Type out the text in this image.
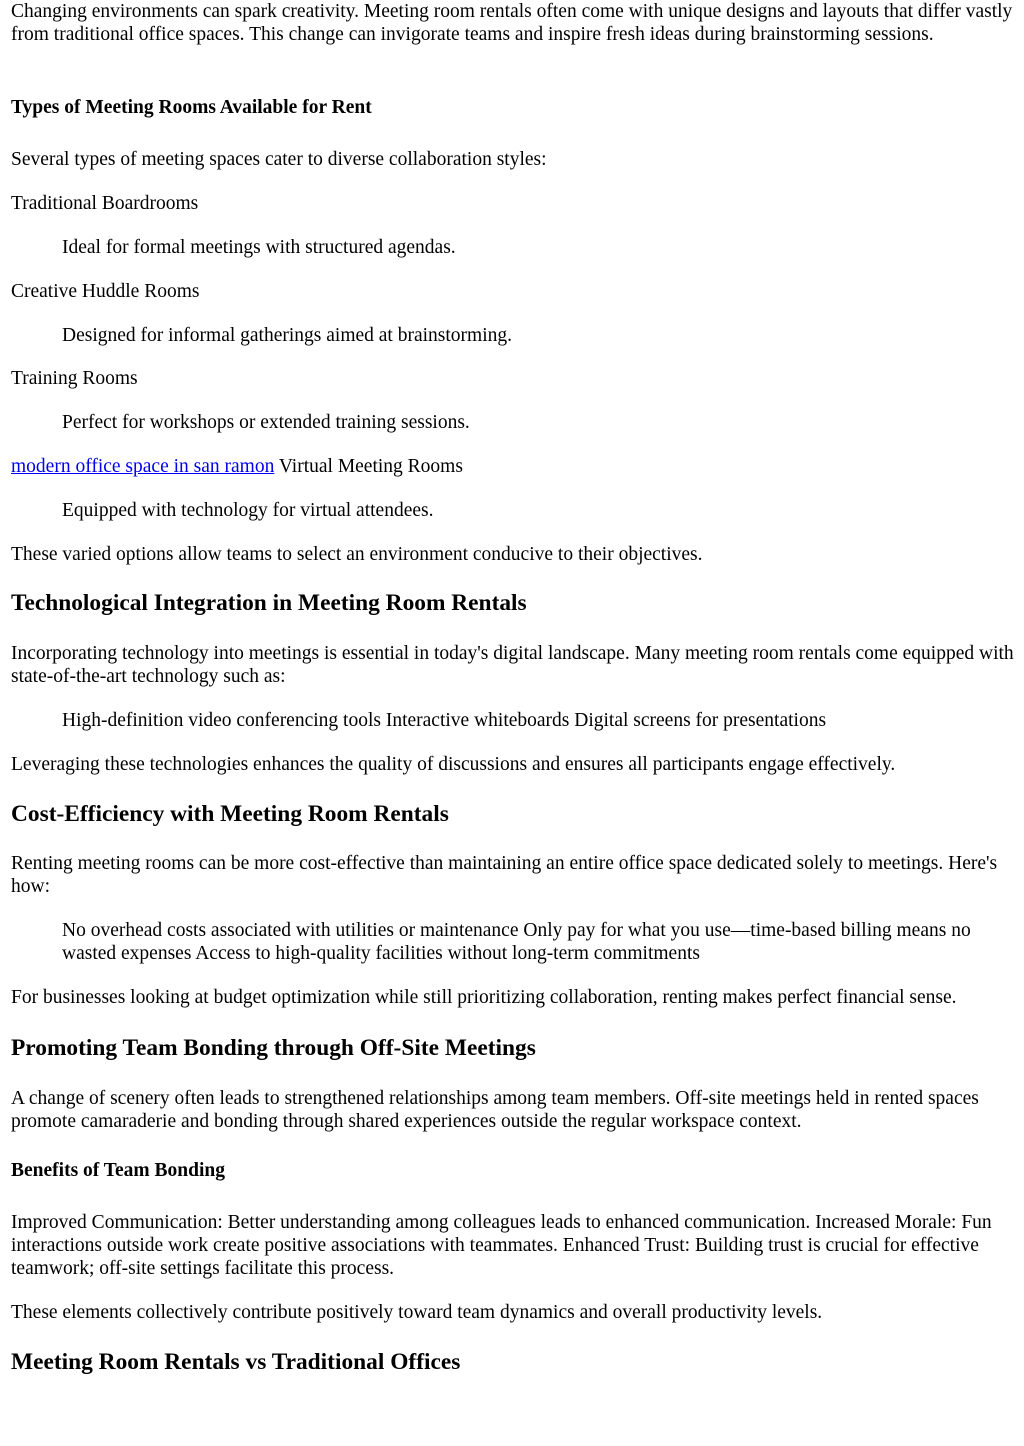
Changing environments can spark creativity. Meeting room rentals often come with unique designs and layouts that differ vastly from traditional office spaces. This change can invigorate teams and inspire fresh ideas during brainstorming sessions.

Types of Meeting Rooms Available for Rent

Several types of meeting spaces cater to diverse collaboration styles:

Traditional Boardrooms

Ideal for formal meetings with structured agendas.

Creative Huddle Rooms

Designed for informal gatherings aimed at brainstorming.

Training Rooms

Perfect for workshops or extended training sessions.

modern office space in san ramon Virtual Meeting Rooms

Equipped with technology for virtual attendees.

These varied options allow teams to select an environment conducive to their objectives.

Technological Integration in Meeting Room Rentals

Incorporating technology into meetings is essential in today's digital landscape. Many meeting room rentals come equipped with state-of-the-art technology such as:

High-definition video conferencing tools Interactive whiteboards Digital screens for presentations

Leveraging these technologies enhances the quality of discussions and ensures all participants engage effectively.

Cost-Efficiency with Meeting Room Rentals

Renting meeting rooms can be more cost-effective than maintaining an entire office space dedicated solely to meetings. Here's how:

No overhead costs associated with utilities or maintenance Only pay for what you use—time-based billing means no wasted expenses Access to high-quality facilities without long-term commitments

For businesses looking at budget optimization while still prioritizing collaboration, renting makes perfect financial sense.

Promoting Team Bonding through Off-Site Meetings

A change of scenery often leads to strengthened relationships among team members. Off-site meetings held in rented spaces promote camaraderie and bonding through shared experiences outside the regular workspace context.

Benefits of Team Bonding

Improved Communication: Better understanding among colleagues leads to enhanced communication. Increased Morale: Fun interactions outside work create positive associations with teammates. Enhanced Trust: Building trust is crucial for effective teamwork; off-site settings facilitate this process.

These elements collectively contribute positively toward team dynamics and overall productivity levels.

Meeting Room Rentals vs Traditional Offices
